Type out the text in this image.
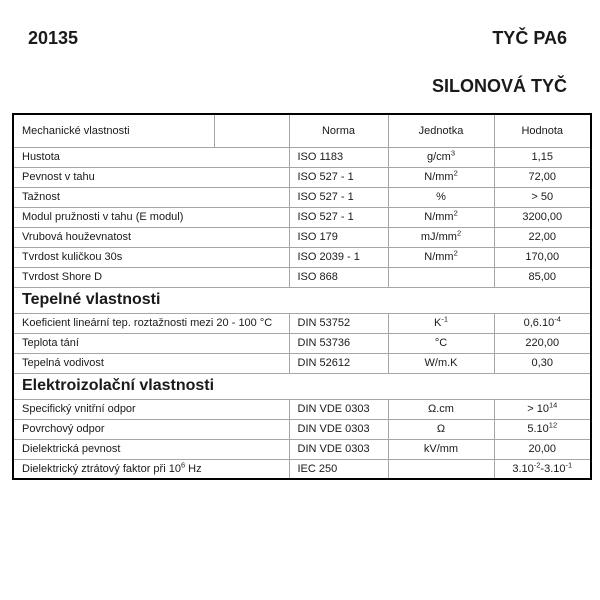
20135	TYČ PA6
SILONOVÁ TYČ
Mechanické vlastnosti		Norma	Jednotka	Hodnota
Hustota		ISO 1183	$g/cm^3$	1,15
Pevnost v tahu		ISO 527 - 1	$N/mm^2$	72,00
Tažnost		ISO 527 - 1	%	> 50
Modul pružnosti v tahu (E modul)		ISO 527 - 1	$N/mm^2$	3200,00
Vrubová houževnatost		ISO 179	$mJ/mm^2$	22,00
Tvrdost kuličkou 30s		ISO 2039 - 1	$N/mm^2$	170,00
Tvrdost Shore D		ISO 868		85,00
Tepelné vlastnosti				
Koeficient lineární tep. roztažnosti mezi 20 - 100 °C		DIN 53752	$K^{-1}$	$0,6.10^{-4}$
Teplota tání		DIN 53736	°C	220,00
Tepelná vodivost		DIN 52612	W/m.K	0,30
Elektroizolační vlastnosti				
Specifický vnitřní odpor		DIN VDE 0303	Ω.cm	> $10^{14}$
Povrchový odpor		DIN VDE 0303	Ω	5.10$^{12}$
Dielektrická pevnost		DIN VDE 0303	kV/mm	20,00
Dielektrický ztrátový faktor při $10^6$ Hz		IEC 250		$3.10^{-2}-3.10^{-1}$
